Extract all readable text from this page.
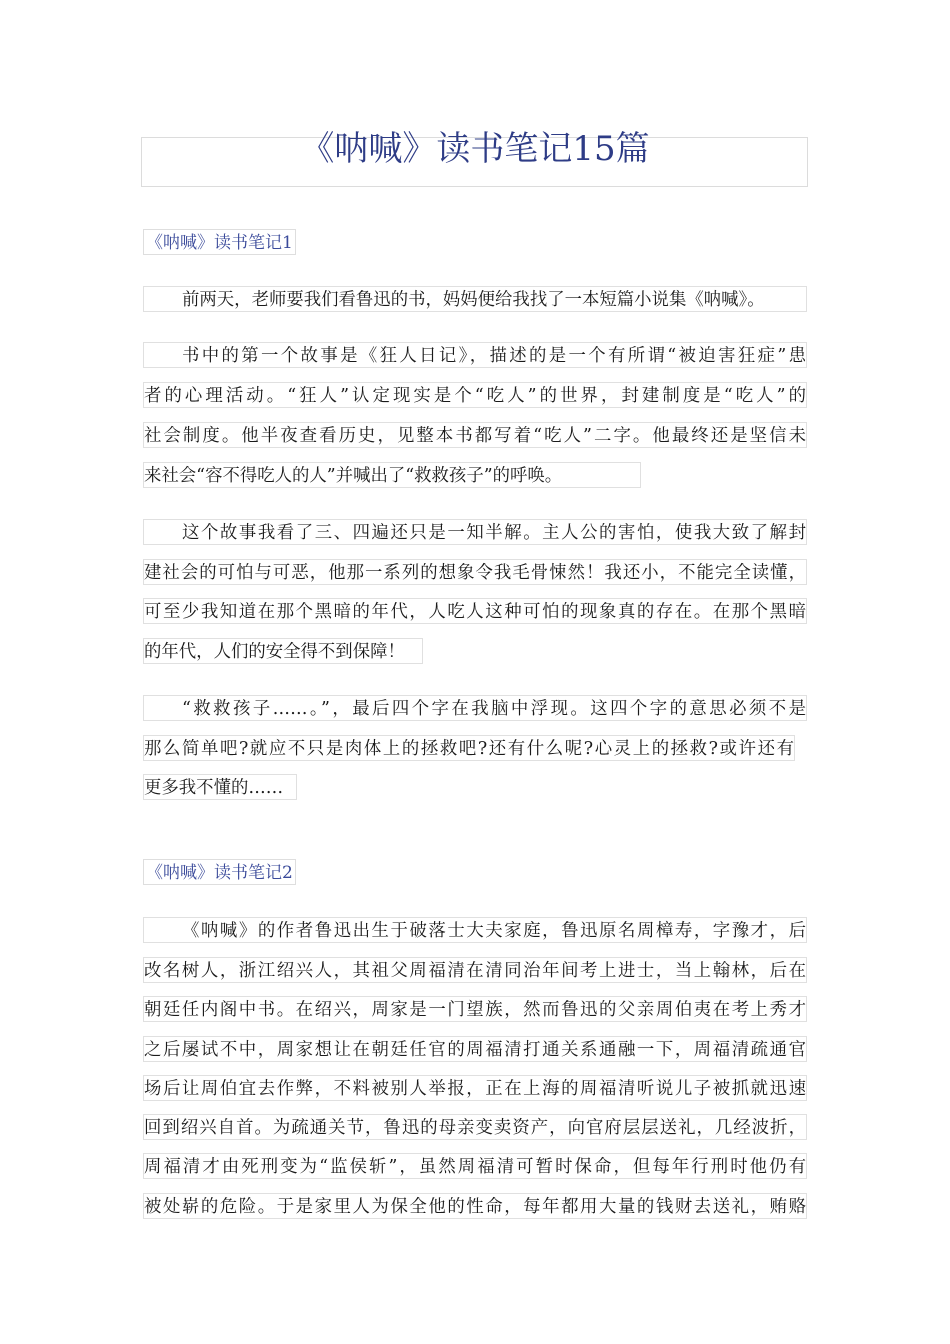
《呐喊》读书笔记15篇
《呐喊》读书笔记1
前两天，老师要我们看鲁迅的书，妈妈便给我找了一本短篇小说集《呐喊》。
书中的第一个故事是《狂人日记》，描述的是一个有所谓“被迫害狂症”患
者的心理活动。“狂人”认定现实是个“吃人”的世界，封建制度是“吃人”的
社会制度。他半夜查看历史，见整本书都写着“吃人”二字。他最终还是坚信未
来社会“容不得吃人的人”并喊出了“救救孩子”的呼唤。
这个故事我看了三、四遍还只是一知半解。主人公的害怕，使我大致了解封
建社会的可怕与可恶，他那一系列的想象令我毛骨悚然！我还小，不能完全读懂，
可至少我知道在那个黑暗的年代，人吃人这种可怕的现象真的存在。在那个黑暗
的年代，人们的安全得不到保障！
“救救孩子……。”，最后四个字在我脑中浮现。这四个字的意思必须不是
那么简单吧?就应不只是肉体上的拯救吧?还有什么呢?心灵上的拯救?或许还有
更多我不懂的……
《呐喊》读书笔记2
《呐喊》的作者鲁迅出生于破落士大夫家庭，鲁迅原名周樟寿，字豫才，后
改名树人，浙江绍兴人，其祖父周福清在清同治年间考上进士，当上翰林，后在
朝廷任内阁中书。在绍兴，周家是一门望族，然而鲁迅的父亲周伯夷在考上秀才
之后屡试不中，周家想让在朝廷任官的周福清打通关系通融一下，周福清疏通官
场后让周伯宜去作弊，不料被别人举报，正在上海的周福清听说儿子被抓就迅速
回到绍兴自首。为疏通关节，鲁迅的母亲变卖资产，向官府层层送礼，几经波折，
周福清才由死刑变为“监侯斩”，虽然周福清可暂时保命，但每年行刑时他仍有
被处崭的危险。于是家里人为保全他的性命，每年都用大量的钱财去送礼，贿赂
